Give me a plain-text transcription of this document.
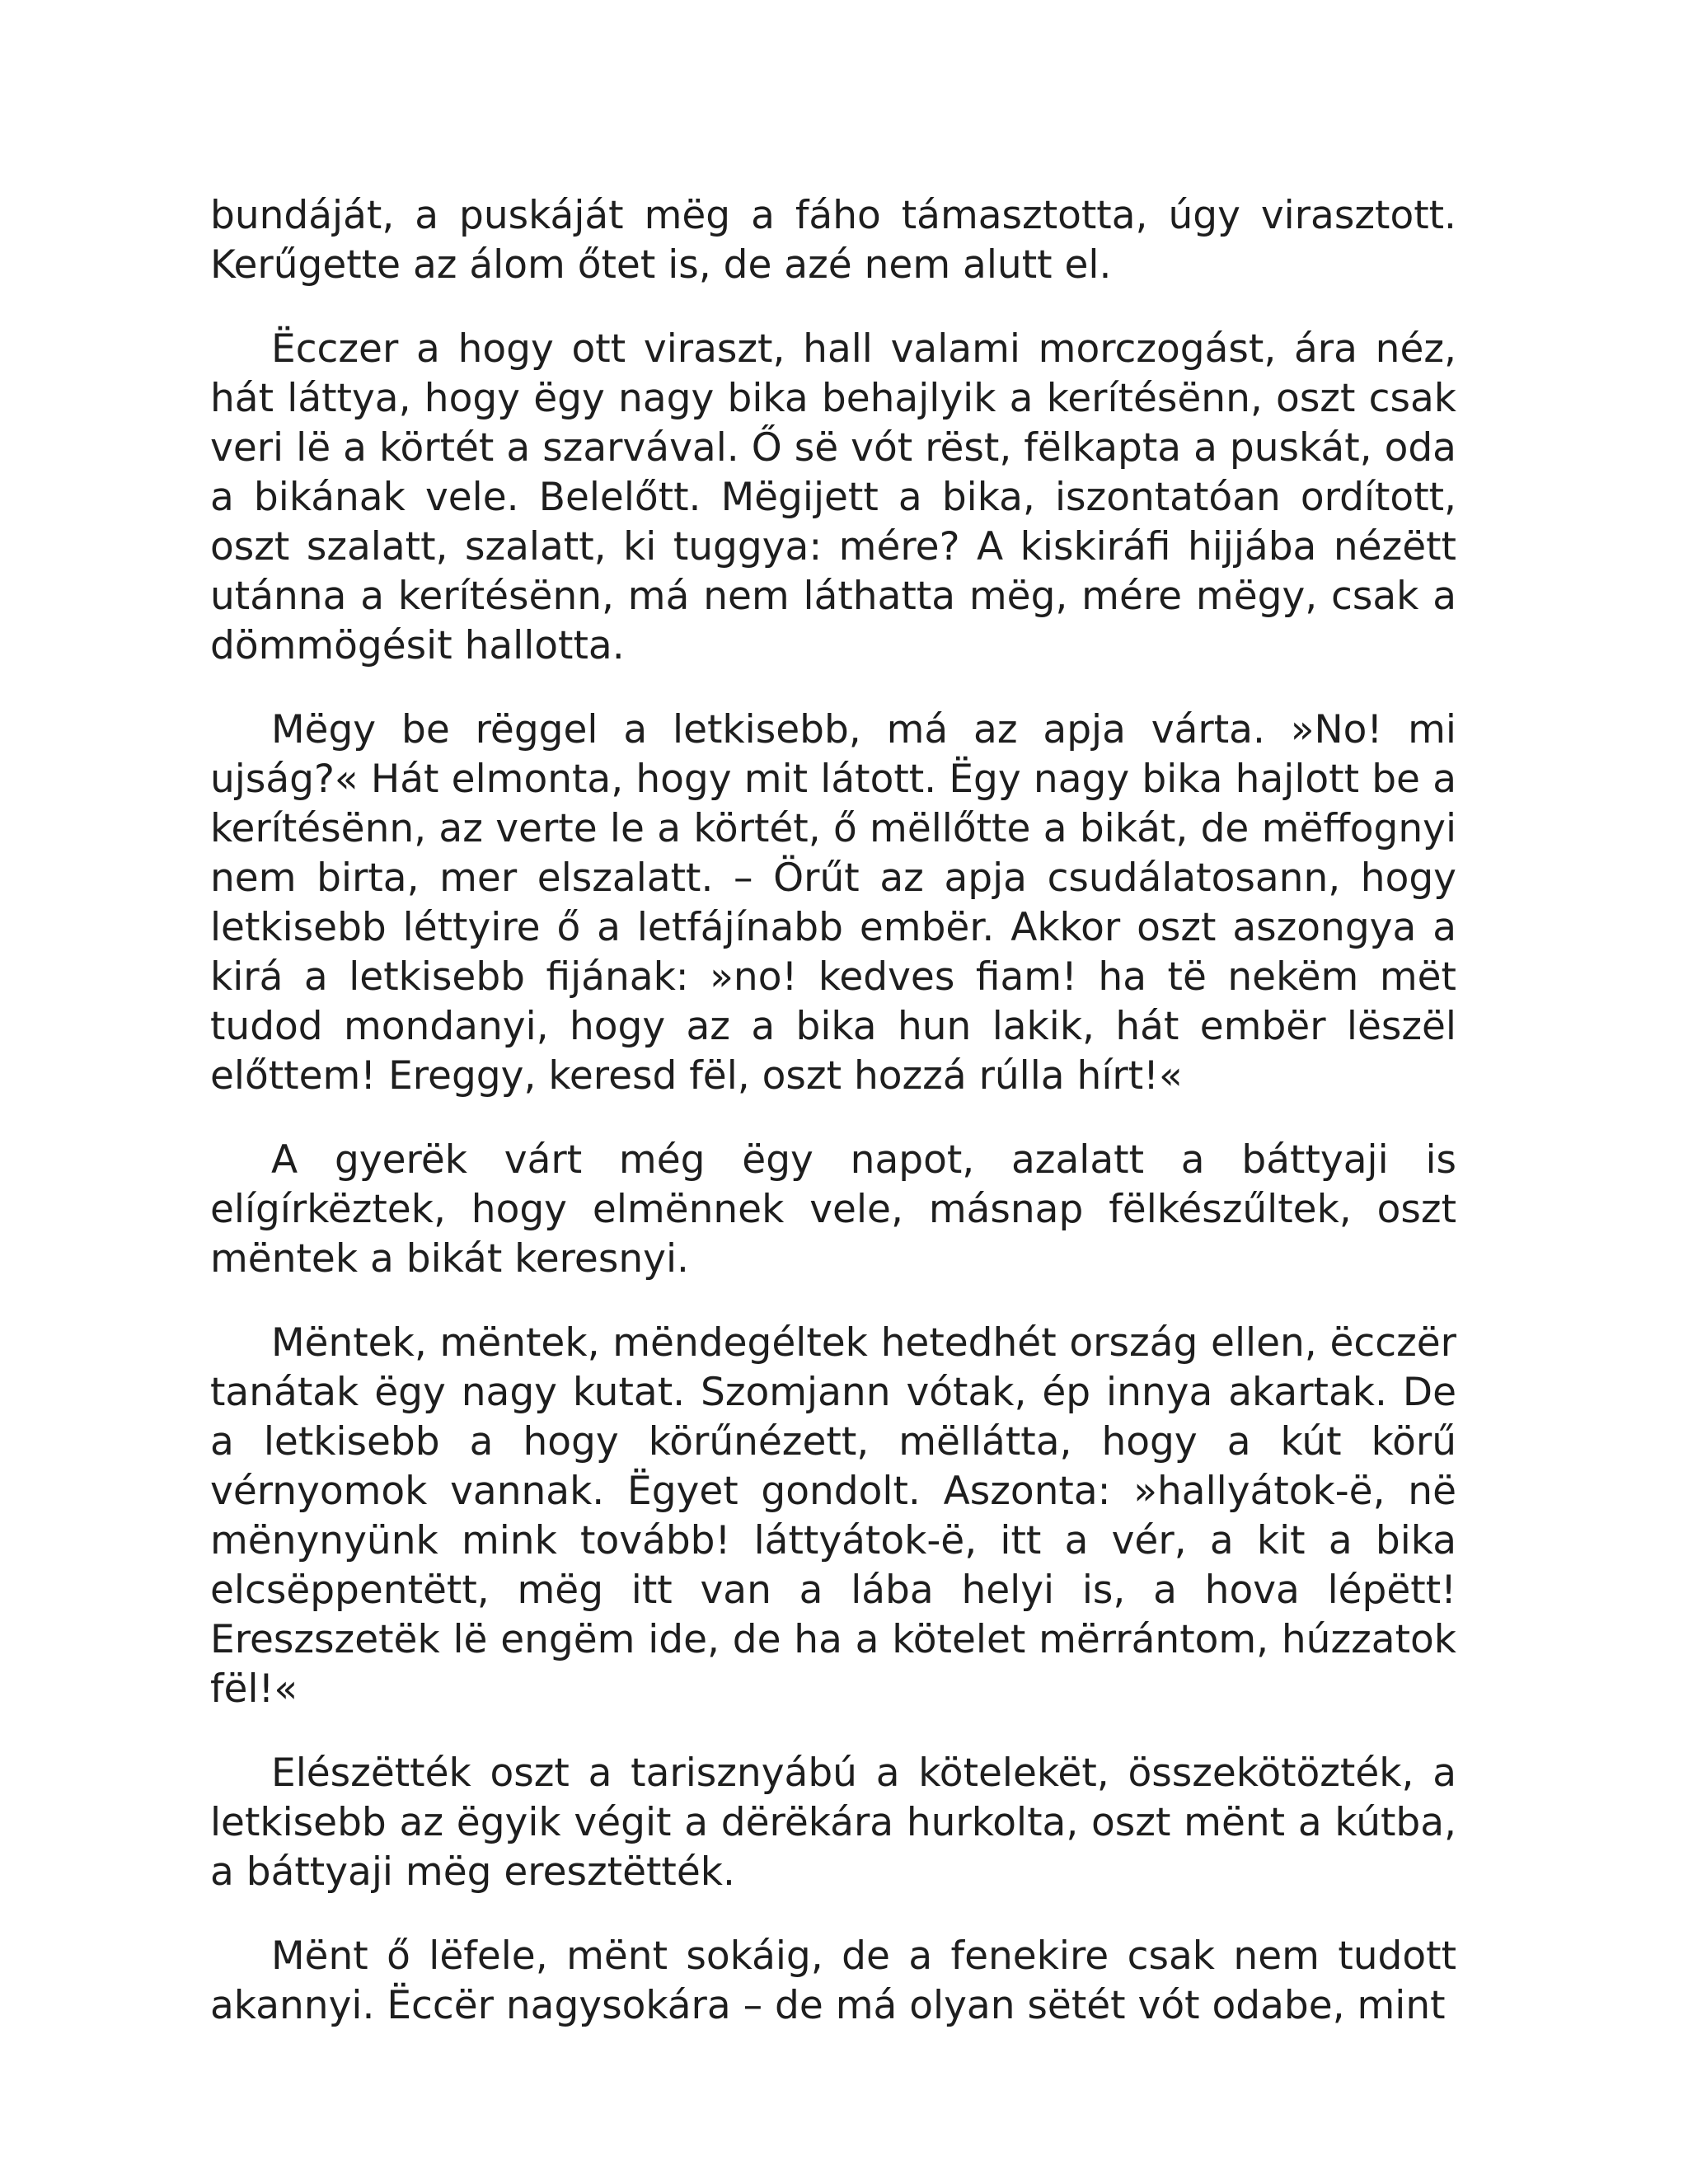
bundáját, a puskáját mëg a fáho támasztotta, úgy virasztott. Kerűgette az álom őtet is, de azé nem alutt el.

Ëcczer a hogy ott viraszt, hall valami morczogást, ára néz, hát láttya, hogy ëgy nagy bika behajlyik a kerítésënn, oszt csak veri lë a körtét a szarvával. Ő së vót rëst, fëlkapta a puskát, oda a bikának vele. Belelőtt. Mëgijett a bika, iszontatóan ordított, oszt szalatt, szalatt, ki tuggya: mére? A kiskiráfi hijjába nézëtt utánna a kerítésënn, má nem láthatta mëg, mére mëgy, csak a dömmögésit hallotta.

Mëgy be rëggel a letkisebb, má az apja várta. »No! mi ujság?« Hát elmonta, hogy mit látott. Ëgy nagy bika hajlott be a kerítésënn, az verte le a körtét, ő mëllőtte a bikát, de mëffognyi nem birta, mer elszalatt. – Örűt az apja csudálatosann, hogy letkisebb léttyire ő a letfájínabb embër. Akkor oszt aszongya a kirá a letkisebb fijának: »no! kedves fiam! ha të nekëm mët tudod mondanyi, hogy az a bika hun lakik, hát embër lëszël előttem! Ereggy, keresd fël, oszt hozzá rúlla hírt!«

A gyerëk várt még ëgy napot, azalatt a báttyaji is elígírkëztek, hogy elmënnek vele, másnap fëlkészűltek, oszt mëntek a bikát keresnyi.

Mëntek, mëntek, mëndegéltek hetedhét ország ellen, ëcczër tanátak ëgy nagy kutat. Szomjann vótak, ép innya akartak. De a letkisebb a hogy körűnézett, mëllátta, hogy a kút körű vérnyomok vannak. Ëgyet gondolt. Aszonta: »hallyátok-ë, në mënynyünk mink tovább! láttyátok-ë, itt a vér, a kit a bika elcsëppentëtt, mëg itt van a lába helyi is, a hova lépëtt! Ereszszetëk lë engëm ide, de ha a kötelet mërrántom, húzzatok fël!«

Elészëtték oszt a tarisznyábú a kötelekët, összekötözték, a letkisebb az ëgyik végit a dërëkára hurkolta, oszt mënt a kútba, a báttyaji mëg eresztëtték.

Mënt ő lëfele, mënt sokáig, de a fenekire csak nem tudott akannyi. Ëccër nagysokára – de má olyan sëtét vót odabe, mint
